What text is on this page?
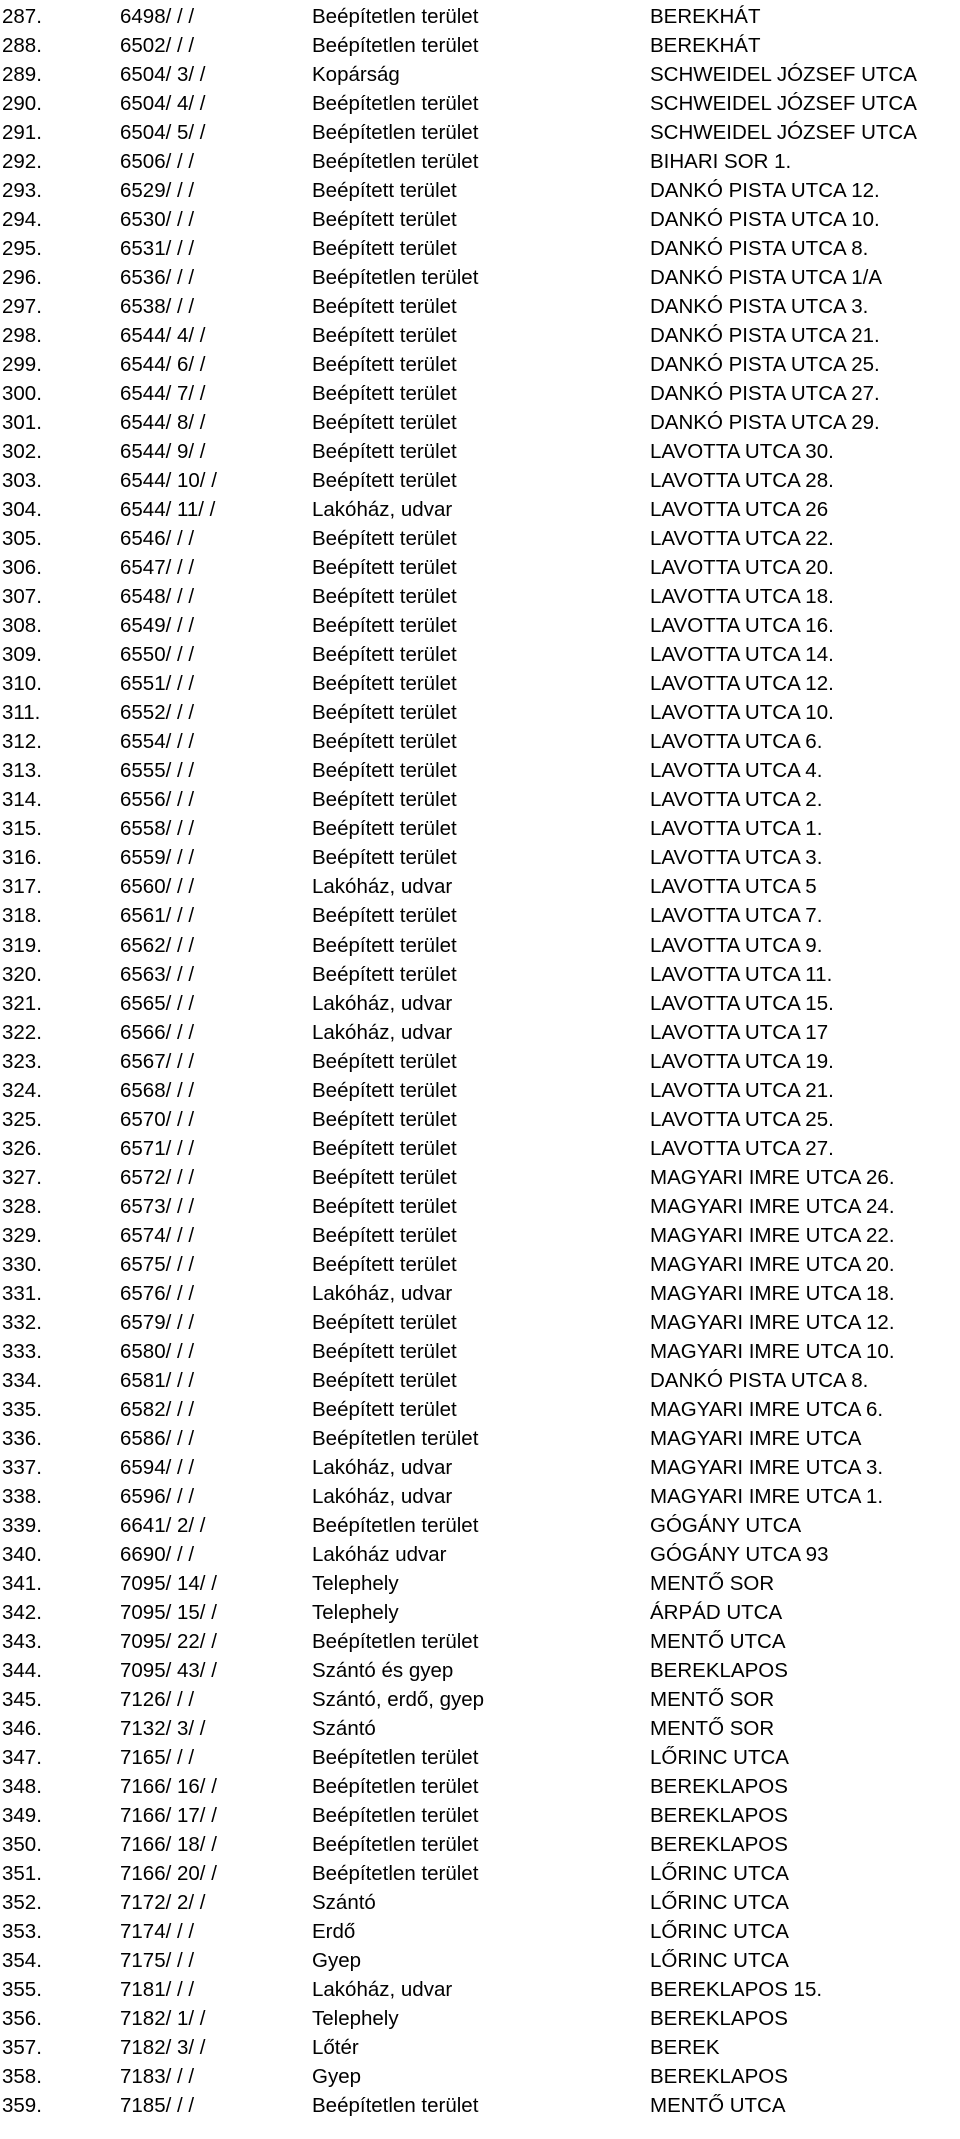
287.	6498/ / /	Beépítetlen terület	BEREKHÁT
288.	6502/ / /	Beépítetlen terület	BEREKHÁT
289.	6504/ 3/ /	Kopárság	SCHWEIDEL JÓZSEF UTCA
290.	6504/ 4/ /	Beépítetlen terület	SCHWEIDEL JÓZSEF UTCA
291.	6504/ 5/ /	Beépítetlen terület	SCHWEIDEL JÓZSEF UTCA
292.	6506/ / /	Beépítetlen terület	BIHARI SOR 1.
293.	6529/ / /	Beépített terület	DANKÓ PISTA UTCA 12.
294.	6530/ / /	Beépített terület	DANKÓ PISTA UTCA 10.
295.	6531/ / /	Beépített terület	DANKÓ PISTA UTCA 8.
296.	6536/ / /	Beépítetlen terület	DANKÓ PISTA UTCA 1/A
297.	6538/ / /	Beépített terület	DANKÓ PISTA UTCA 3.
298.	6544/ 4/ /	Beépített terület	DANKÓ PISTA UTCA 21.
299.	6544/ 6/ /	Beépített terület	DANKÓ PISTA UTCA 25.
300.	6544/ 7/ /	Beépített terület	DANKÓ PISTA UTCA 27.
301.	6544/ 8/ /	Beépített terület	DANKÓ PISTA UTCA 29.
302.	6544/ 9/ /	Beépített terület	LAVOTTA UTCA 30.
303.	6544/ 10/ /	Beépített terület	LAVOTTA UTCA 28.
304.	6544/ 11/ /	Lakóház, udvar	LAVOTTA UTCA 26
305.	6546/ / /	Beépített terület	LAVOTTA UTCA 22.
306.	6547/ / /	Beépített terület	LAVOTTA UTCA 20.
307.	6548/ / /	Beépített terület	LAVOTTA UTCA 18.
308.	6549/ / /	Beépített terület	LAVOTTA UTCA 16.
309.	6550/ / /	Beépített terület	LAVOTTA UTCA 14.
310.	6551/ / /	Beépített terület	LAVOTTA UTCA 12.
311.	6552/ / /	Beépített terület	LAVOTTA UTCA 10.
312.	6554/ / /	Beépített terület	LAVOTTA UTCA 6.
313.	6555/ / /	Beépített terület	LAVOTTA UTCA 4.
314.	6556/ / /	Beépített terület	LAVOTTA UTCA 2.
315.	6558/ / /	Beépített terület	LAVOTTA UTCA 1.
316.	6559/ / /	Beépített terület	LAVOTTA UTCA 3.
317.	6560/ / /	Lakóház, udvar	LAVOTTA UTCA 5
318.	6561/ / /	Beépített terület	LAVOTTA UTCA 7.
319.	6562/ / /	Beépített terület	LAVOTTA UTCA 9.
320.	6563/ / /	Beépített terület	LAVOTTA UTCA 11.
321.	6565/ / /	Lakóház, udvar	LAVOTTA UTCA 15.
322.	6566/ / /	Lakóház, udvar	LAVOTTA UTCA 17
323.	6567/ / /	Beépített terület	LAVOTTA UTCA 19.
324.	6568/ / /	Beépített terület	LAVOTTA UTCA 21.
325.	6570/ / /	Beépített terület	LAVOTTA UTCA 25.
326.	6571/ / /	Beépített terület	LAVOTTA UTCA 27.
327.	6572/ / /	Beépített terület	MAGYARI IMRE UTCA 26.
328.	6573/ / /	Beépített terület	MAGYARI IMRE UTCA 24.
329.	6574/ / /	Beépített terület	MAGYARI IMRE UTCA 22.
330.	6575/ / /	Beépített terület	MAGYARI IMRE UTCA 20.
331.	6576/ / /	Lakóház, udvar	MAGYARI IMRE UTCA 18.
332.	6579/ / /	Beépített terület	MAGYARI IMRE UTCA 12.
333.	6580/ / /	Beépített terület	MAGYARI IMRE UTCA 10.
334.	6581/ / /	Beépített terület	DANKÓ PISTA UTCA 8.
335.	6582/ / /	Beépített terület	MAGYARI IMRE UTCA 6.
336.	6586/ / /	Beépítetlen terület	MAGYARI IMRE UTCA
337.	6594/ / /	Lakóház, udvar	MAGYARI IMRE UTCA 3.
338.	6596/ / /	Lakóház, udvar	MAGYARI IMRE UTCA 1.
339.	6641/ 2/ /	Beépítetlen terület	GÓGÁNY UTCA
340.	6690/ / /	Lakóház udvar	GÓGÁNY UTCA 93
341.	7095/ 14/ /	Telephely	MENTŐ SOR
342.	7095/ 15/ /	Telephely	ÁRPÁD UTCA
343.	7095/ 22/ /	Beépítetlen terület	MENTŐ UTCA
344.	7095/ 43/ /	Szántó és gyep	BEREKLAPOS
345.	7126/ / /	Szántó, erdő, gyep	MENTŐ SOR
346.	7132/ 3/ /	Szántó	MENTŐ SOR
347.	7165/ / /	Beépítetlen terület	LŐRINC UTCA
348.	7166/ 16/ /	Beépítetlen terület	BEREKLAPOS
349.	7166/ 17/ /	Beépítetlen terület	BEREKLAPOS
350.	7166/ 18/ /	Beépítetlen terület	BEREKLAPOS
351.	7166/ 20/ /	Beépítetlen terület	LŐRINC UTCA
352.	7172/ 2/ /	Szántó	LŐRINC UTCA
353.	7174/ / /	Erdő	LŐRINC UTCA
354.	7175/ / /	Gyep	LŐRINC UTCA
355.	7181/ / /	Lakóház, udvar	BEREKLAPOS 15.
356.	7182/ 1/ /	Telephely	BEREKLAPOS
357.	7182/ 3/ /	Lőtér	BEREK
358.	7183/ / /	Gyep	BEREKLAPOS
359.	7185/ / /	Beépítetlen terület	MENTŐ UTCA
